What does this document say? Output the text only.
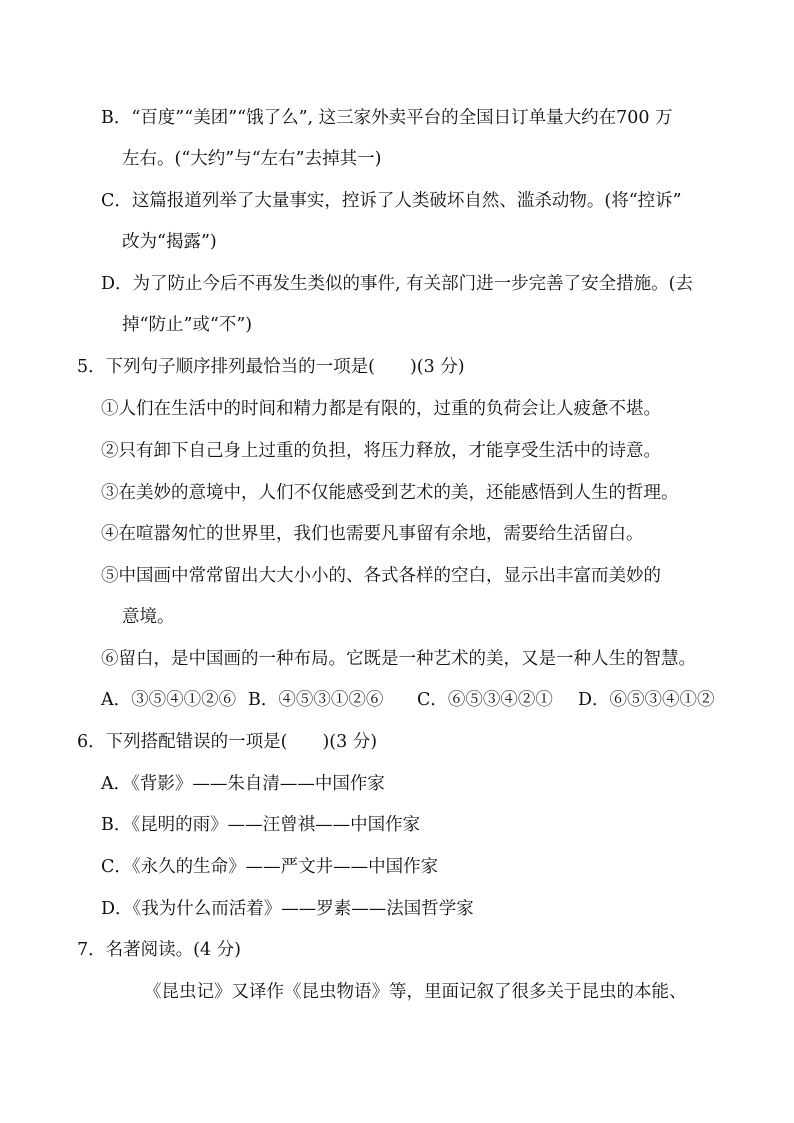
B．“百度”“美团”“饿了么”, 这三家外卖平台的全国日订单量大约在700 万
左右。(“大约”与“左右”去掉其一)
C．这篇报道列举了大量事实，控诉了人类破坏自然、滥杀动物。(将“控诉”
改为“揭露”)
D．为了防止今后不再发生类似的事件, 有关部门进一步完善了安全措施。(去
掉“防止”或“不”)
5．下列句子顺序排列最恰当的一项是(　　)(3 分)
①人们在生活中的时间和精力都是有限的，过重的负荷会让人疲惫不堪。
②只有卸下自己身上过重的负担，将压力释放，才能享受生活中的诗意。
③在美妙的意境中，人们不仅能感受到艺术的美，还能感悟到人生的哲理。
④在喧嚣匆忙的世界里，我们也需要凡事留有余地，需要给生活留白。
⑤中国画中常常留出大大小小的、各式各样的空白，显示出丰富而美妙的
意境。
⑥留白，是中国画的一种布局。它既是一种艺术的美，又是一种人生的智慧。
A．③⑤④①②⑥ B．④⑤③①②⑥ C．⑥⑤③④②① D．⑥⑤③④①②
6．下列搭配错误的一项是(　　)(3 分)
A．《背影》——朱自清——中国作家
B．《昆明的雨》——汪曾祺——中国作家
C．《永久的生命》——严文井——中国作家
D．《我为什么而活着》——罗素——法国哲学家
7．名著阅读。(4 分)
《昆虫记》又译作《昆虫物语》等，里面记叙了很多关于昆虫的本能、
